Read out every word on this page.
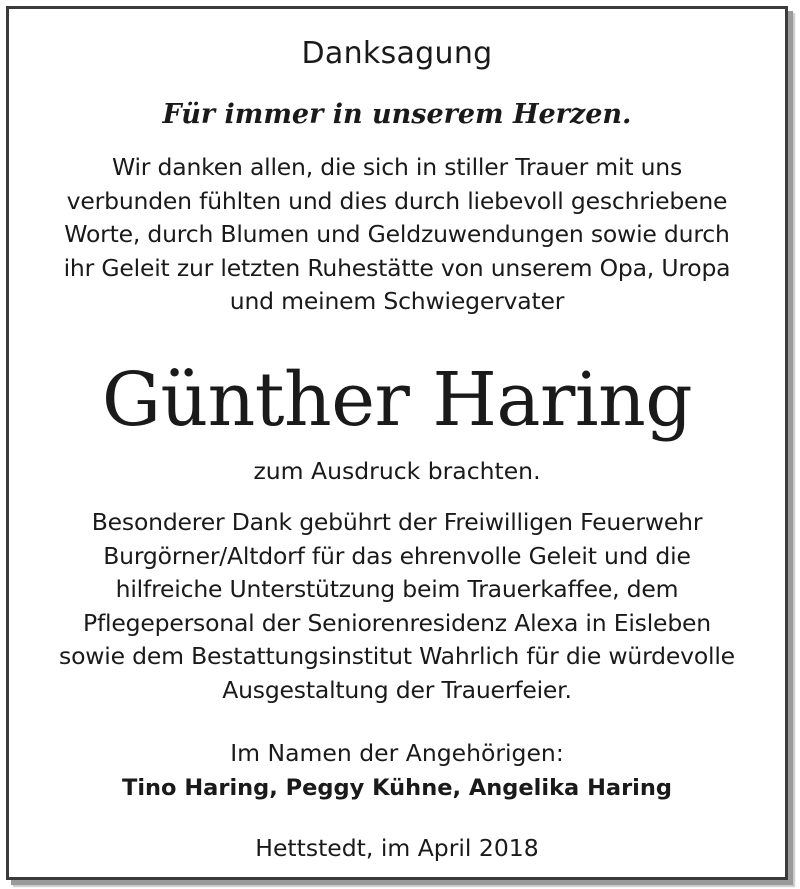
Danksagung
Für immer in unserem Herzen.
Wir danken allen, die sich in stiller Trauer mit uns
verbunden fühlten und dies durch liebevoll geschriebene
Worte, durch Blumen und Geldzuwendungen sowie durch
ihr Geleit zur letzten Ruhestätte von unserem Opa, Uropa
und meinem Schwiegervater
Günther Haring
zum Ausdruck brachten.
Besonderer Dank gebührt der Freiwilligen Feuerwehr
Burgörner/Altdorf für das ehrenvolle Geleit und die
hilfreiche Unterstützung beim Trauerkaffee, dem
Pflegepersonal der Seniorenresidenz Alexa in Eisleben
sowie dem Bestattungsinstitut Wahrlich für die würdevolle
Ausgestaltung der Trauerfeier.
Im Namen der Angehörigen:
Tino Haring, Peggy Kühne, Angelika Haring
Hettstedt, im April 2018
